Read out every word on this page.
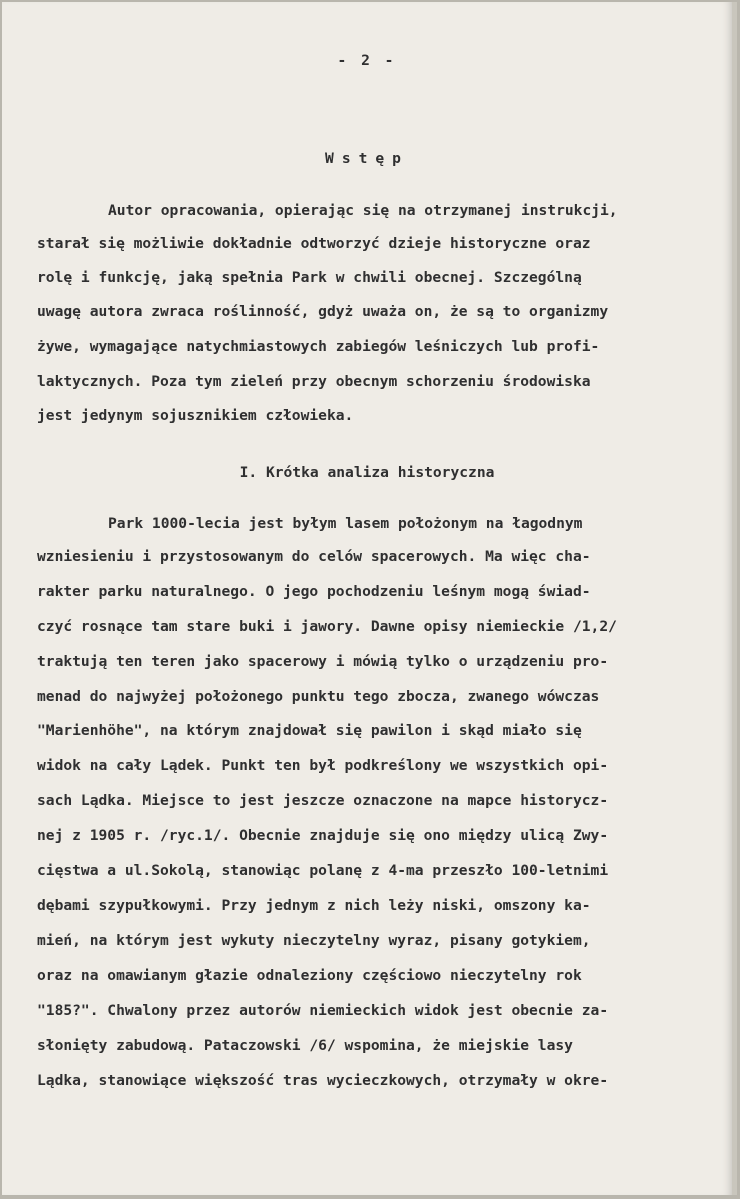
- 2 -
Wstęp
Autor opracowania, opierając się na otrzymanej instrukcji,
starał się możliwie dokładnie odtworzyć dzieje historyczne oraz
rolę i funkcję, jaką spełnia Park w chwili obecnej. Szczególną
uwagę autora zwraca roślinność, gdyż uważa on, że są to organizmy
żywe, wymagające natychmiastowych zabiegów leśniczych lub profi-
laktycznych. Poza tym zieleń przy obecnym schorzeniu środowiska
jest jedynym sojusznikiem człowieka.
I. Krótka analiza historyczna
Park 1000-lecia jest byłym lasem położonym na łagodnym
wzniesieniu i przystosowanym do celów spacerowych. Ma więc cha-
rakter parku naturalnego. O jego pochodzeniu leśnym mogą świad-
czyć rosnące tam stare buki i jawory. Dawne opisy niemieckie /1,2/
traktują ten teren jako spacerowy i mówią tylko o urządzeniu pro-
menad do najwyżej położonego punktu tego zbocza, zwanego wówczas
"Marienhöhe", na którym znajdował się pawilon i skąd miało się
widok na cały Lądek. Punkt ten był podkreślony we wszystkich opi-
sach Lądka. Miejsce to jest jeszcze oznaczone na mapce historycz-
nej z 1905 r. /ryc.1/. Obecnie znajduje się ono między ulicą Zwy-
cięstwa a ul.Sokolą, stanowiąc polanę z 4-ma przeszło 100-letnimi
dębami szypułkowymi. Przy jednym z nich leży niski, omszony ka-
mień, na którym jest wykuty nieczytelny wyraz, pisany gotykiem,
oraz na omawianym głazie odnaleziony częściowo nieczytelny rok
"185?". Chwalony przez autorów niemieckich widok jest obecnie za-
słonięty zabudową. Pataczowski /6/ wspomina, że miejskie lasy
Lądka, stanowiące większość tras wycieczkowych, otrzymały w okre-
